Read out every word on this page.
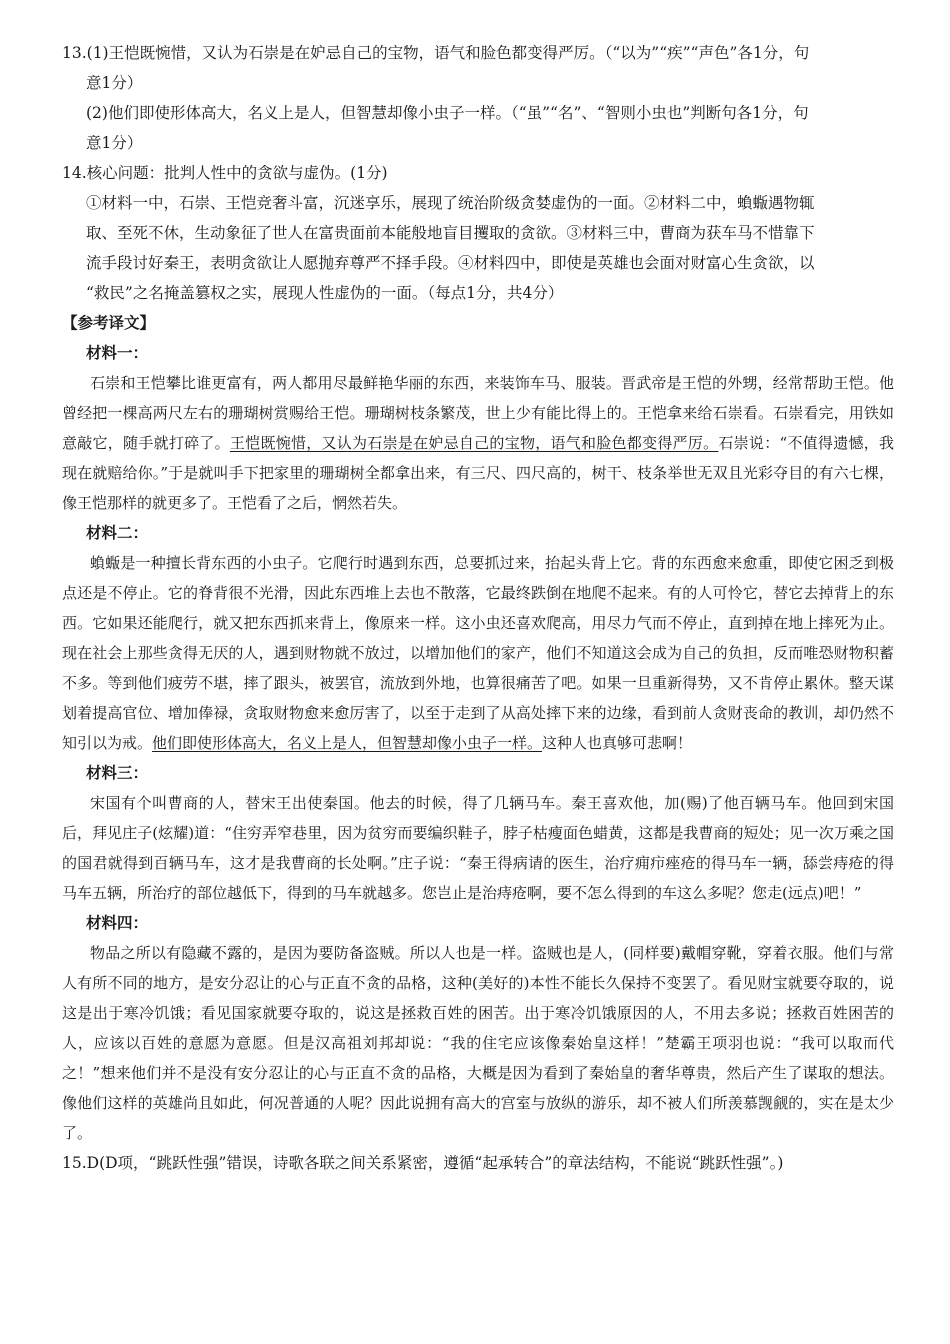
13.(1)王恺既惋惜，又认为石崇是在妒忌自己的宝物，语气和脸色都变得严厉。（“以为”“疾”“声色”各1分，句
意1分）
(2)他们即使形体高大，名义上是人，但智慧却像小虫子一样。（“虽”“名”、“智则小虫也”判断句各1分，句
意1分）
14.核心问题：批判人性中的贪欲与虚伪。(1分)
①材料一中，石崇、王恺竞奢斗富，沉迷享乐，展现了统治阶级贪婪虚伪的一面。②材料二中，蝜蝂遇物辄
取、至死不休，生动象征了世人在富贵面前本能般地盲目攫取的贪欲。③材料三中，曹商为获车马不惜靠下
流手段讨好秦王，表明贪欲让人愿抛弃尊严不择手段。④材料四中，即使是英雄也会面对财富心生贪欲，以
“救民”之名掩盖篡权之实，展现人性虚伪的一面。（每点1分，共4分）
【参考译文】
材料一：

石崇和王恺攀比谁更富有，两人都用尽最鲜艳华丽的东西，来装饰车马、服装。晋武帝是王恺的外甥，经常帮助王恺。他曾经把一棵高两尺左右的珊瑚树赏赐给王恺。珊瑚树枝条繁茂，世上少有能比得上的。王恺拿来给石崇看。石崇看完，用铁如意敲它，随手就打碎了。王恺既惋惜，又认为石崇是在妒忌自己的宝物，语气和脸色都变得严厉。石崇说：“不值得遗憾，我现在就赔给你。”于是就叫手下把家里的珊瑚树全都拿出来，有三尺、四尺高的，树干、枝条举世无双且光彩夺目的有六七棵，像王恺那样的就更多了。王恺看了之后，惘然若失。

材料二：

蝜蝂是一种擅长背东西的小虫子。它爬行时遇到东西，总要抓过来，抬起头背上它。背的东西愈来愈重，即使它困乏到极点还是不停止。它的脊背很不光滑，因此东西堆上去也不散落，它最终跌倒在地爬不起来。有的人可怜它，替它去掉背上的东西。它如果还能爬行，就又把东西抓来背上，像原来一样。这小虫还喜欢爬高，用尽力气而不停止，直到掉在地上摔死为止。现在社会上那些贪得无厌的人，遇到财物就不放过，以增加他们的家产，他们不知道这会成为自己的负担，反而唯恐财物积蓄不多。等到他们疲劳不堪，摔了跟头，被罢官，流放到外地，也算很痛苦了吧。如果一旦重新得势，又不肯停止累休。整天谋划着提高官位、增加俸禄，贪取财物愈来愈厉害了，以至于走到了从高处摔下来的边缘，看到前人贪财丧命的教训，却仍然不知引以为戒。他们即使形体高大，名义上是人，但智慧却像小虫子一样。这种人也真够可悲啊！

材料三：

宋国有个叫曹商的人，替宋王出使秦国。他去的时候，得了几辆马车。秦王喜欢他，加(赐)了他百辆马车。他回到宋国后，拜见庄子(炫耀)道：“住穷弄窄巷里，因为贫穷而要编织鞋子，脖子枯瘦面色蜡黄，这都是我曹商的短处；见一次万乘之国的国君就得到百辆马车，这才是我曹商的长处啊。”庄子说：“秦王得病请的医生，治疗痈疖痤疮的得马车一辆，舔尝痔疮的得马车五辆，所治疗的部位越低下，得到的马车就越多。您岂止是治痔疮啊，要不怎么得到的车这么多呢？您走(远点)吧！”

材料四：

物品之所以有隐藏不露的，是因为要防备盗贼。所以人也是一样。盗贼也是人，(同样要)戴帽穿靴，穿着衣服。他们与常人有所不同的地方，是安分忍让的心与正直不贪的品格，这种(美好的)本性不能长久保持不变罢了。看见财宝就要夺取的，说这是出于寒冷饥饿；看见国家就要夺取的，说这是拯救百姓的困苦。出于寒冷饥饿原因的人，不用去多说；拯救百姓困苦的人，应该以百姓的意愿为意愿。但是汉高祖刘邦却说：“我的住宅应该像秦始皇这样！”楚霸王项羽也说：“我可以取而代之！”想来他们并不是没有安分忍让的心与正直不贪的品格，大概是因为看到了秦始皇的奢华尊贵，然后产生了谋取的想法。像他们这样的英雄尚且如此，何况普通的人呢？因此说拥有高大的宫室与放纵的游乐，却不被人们所羡慕觊觎的，实在是太少了。

15.D(D项，“跳跃性强”错误，诗歌各联之间关系紧密，遵循“起承转合”的章法结构，不能说“跳跃性强”。)
